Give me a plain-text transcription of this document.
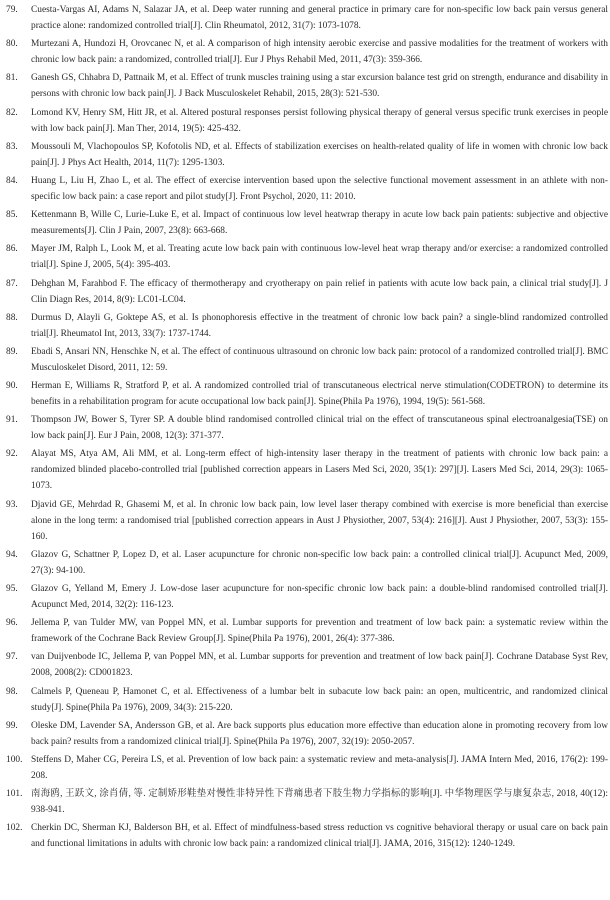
79.	Cuesta-Vargas AI, Adams N, Salazar JA, et al. Deep water running and general practice in primary care for non-specific low back pain versus general practice alone: randomized controlled trial[J]. Clin Rheumatol, 2012, 31(7): 1073-1078.
80.	Murtezani A, Hundozi H, Orovcanec N, et al. A comparison of high intensity aerobic exercise and passive modalities for the treatment of workers with chronic low back pain: a randomized, controlled trial[J]. Eur J Phys Rehabil Med, 2011, 47(3): 359-366.
81.	Ganesh GS, Chhabra D, Pattnaik M, et al. Effect of trunk muscles training using a star excursion balance test grid on strength, endurance and disability in persons with chronic low back pain[J]. J Back Musculoskelet Rehabil, 2015, 28(3): 521-530.
82.	Lomond KV, Henry SM, Hitt JR, et al. Altered postural responses persist following physical therapy of general versus specific trunk exercises in people with low back pain[J]. Man Ther, 2014, 19(5): 425-432.
83.	Moussouli M, Vlachopoulos SP, Kofotolis ND, et al. Effects of stabilization exercises on health-related quality of life in women with chronic low back pain[J]. J Phys Act Health, 2014, 11(7): 1295-1303.
84.	Huang L, Liu H, Zhao L, et al. The effect of exercise intervention based upon the selective functional movement assessment in an athlete with non-specific low back pain: a case report and pilot study[J]. Front Psychol, 2020, 11: 2010.
85.	Kettenmann B, Wille C, Lurie-Luke E, et al. Impact of continuous low level heatwrap therapy in acute low back pain patients: subjective and objective measurements[J]. Clin J Pain, 2007, 23(8): 663-668.
86.	Mayer JM, Ralph L, Look M, et al. Treating acute low back pain with continuous low-level heat wrap therapy and/or exercise: a randomized controlled trial[J]. Spine J, 2005, 5(4): 395-403.
87.	Dehghan M, Farahbod F. The efficacy of thermotherapy and cryotherapy on pain relief in patients with acute low back pain, a clinical trial study[J]. J Clin Diagn Res, 2014, 8(9): LC01-LC04.
88.	Durmus D, Alayli G, Goktepe AS, et al. Is phonophoresis effective in the treatment of chronic low back pain? a single-blind randomized controlled trial[J]. Rheumatol Int, 2013, 33(7): 1737-1744.
89.	Ebadi S, Ansari NN, Henschke N, et al. The effect of continuous ultrasound on chronic low back pain: protocol of a randomized controlled trial[J]. BMC Musculoskelet Disord, 2011, 12: 59.
90.	Herman E, Williams R, Stratford P, et al. A randomized controlled trial of transcutaneous electrical nerve stimulation(CODETRON) to determine its benefits in a rehabilitation program for acute occupational low back pain[J]. Spine(Phila Pa 1976), 1994, 19(5): 561-568.
91.	Thompson JW, Bower S, Tyrer SP. A double blind randomised controlled clinical trial on the effect of transcutaneous spinal electroanalgesia(TSE) on low back pain[J]. Eur J Pain, 2008, 12(3): 371-377.
92.	Alayat MS, Atya AM, Ali MM, et al. Long-term effect of high-intensity laser therapy in the treatment of patients with chronic low back pain: a randomized blinded placebo-controlled trial [published correction appears in Lasers Med Sci, 2020, 35(1): 297][J]. Lasers Med Sci, 2014, 29(3): 1065-1073.
93.	Djavid GE, Mehrdad R, Ghasemi M, et al. In chronic low back pain, low level laser therapy combined with exercise is more beneficial than exercise alone in the long term: a randomised trial [published correction appears in Aust J Physiother, 2007, 53(4): 216][J]. Aust J Physiother, 2007, 53(3): 155-160.
94.	Glazov G, Schattner P, Lopez D, et al. Laser acupuncture for chronic non-specific low back pain: a controlled clinical trial[J]. Acupunct Med, 2009, 27(3): 94-100.
95.	Glazov G, Yelland M, Emery J. Low-dose laser acupuncture for non-specific chronic low back pain: a double-blind randomised controlled trial[J]. Acupunct Med, 2014, 32(2): 116-123.
96.	Jellema P, van Tulder MW, van Poppel MN, et al. Lumbar supports for prevention and treatment of low back pain: a systematic review within the framework of the Cochrane Back Review Group[J]. Spine(Phila Pa 1976), 2001, 26(4): 377-386.
97.	van Duijvenbode IC, Jellema P, van Poppel MN, et al. Lumbar supports for prevention and treatment of low back pain[J]. Cochrane Database Syst Rev, 2008, 2008(2): CD001823.
98.	Calmels P, Queneau P, Hamonet C, et al. Effectiveness of a lumbar belt in subacute low back pain: an open, multicentric, and randomized clinical study[J]. Spine(Phila Pa 1976), 2009, 34(3): 215-220.
99.	Oleske DM, Lavender SA, Andersson GB, et al. Are back supports plus education more effective than education alone in promoting recovery from low back pain? results from a randomized clinical trial[J]. Spine(Phila Pa 1976), 2007, 32(19): 2050-2057.
100. Steffens D, Maher CG, Pereira LS, et al. Prevention of low back pain: a systematic review and meta-analysis[J]. JAMA Intern Med, 2016, 176(2): 199-208.
101. 南海鸥, 王跃文, 涂肖倩, 等. 定制矫形鞋垫对慢性非特异性下背痛患者下肢生物力学指标的影响[J]. 中华物理医学与康复杂志, 2018, 40(12): 938-941.
102. Cherkin DC, Sherman KJ, Balderson BH, et al. Effect of mindfulness-based stress reduction vs cognitive behavioral therapy or usual care on back pain and functional limitations in adults with chronic low back pain: a randomized clinical trial[J]. JAMA, 2016, 315(12): 1240-1249.
